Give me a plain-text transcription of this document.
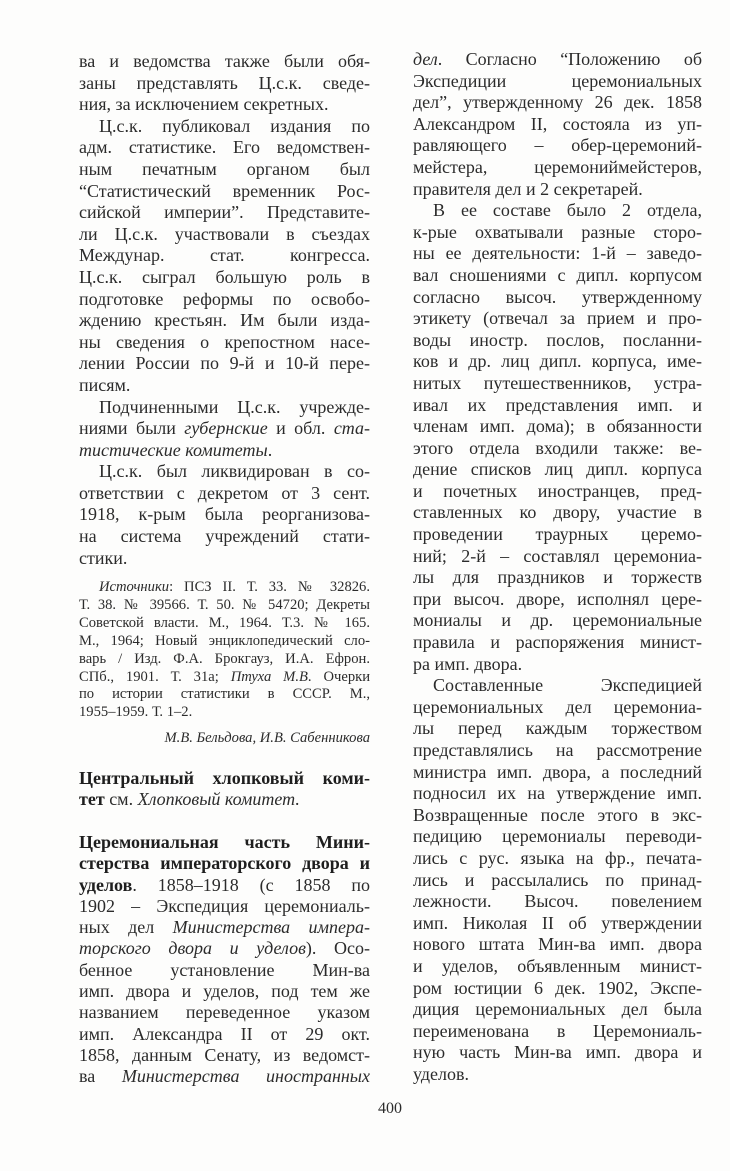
ва и ведомства также были обя-
заны представлять Ц.с.к. сведе-
ния, за исключением секретных.
Ц.с.к. публиковал издания по
адм. статистике. Его ведомствен-
ным печатным органом был
“Статистический временник Рос-
сийской империи”. Представите-
ли Ц.с.к. участвовали в съездах
Междунар. стат. конгресса.
Ц.с.к. сыграл большую роль в
подготовке реформы по освобо-
ждению крестьян. Им были изда-
ны сведения о крепостном насе-
лении России по 9-й и 10-й пере-
писям.
Подчиненными Ц.с.к. учрежде-
ниями были губернские и обл. ста-
тистические комитеты.
Ц.с.к. был ликвидирован в со-
ответствии с декретом от 3 сент.
1918, к-рым была реорганизова-
на система учреждений стати-
стики.
Источники: ПСЗ II. Т. 33. № 32826.
Т. 38. № 39566. Т. 50. № 54720; Декреты
Советской власти. М., 1964. Т.3. № 165.
М., 1964; Новый энциклопедический сло-
варь / Изд. Ф.А. Брокгауз, И.А. Ефрон.
СПб., 1901. Т. 31а; Птуха М.В. Очерки
по истории статистики в СССР. М.,
1955–1959. Т. 1–2.
М.В. Бельдова, И.В. Сабенникова
Центральный хлопковый коми-
тет см. Хлопковый комитет.
Церемониальная часть Мини-
стерства императорского двора и
уделов. 1858–1918 (с 1858 по
1902 – Экспедиция церемониаль-
ных дел Министерства импера-
торского двора и уделов). Осо-
бенное установление Мин-ва
имп. двора и уделов, под тем же
названием переведенное указом
имп. Александра II от 29 окт.
1858, данным Сенату, из ведомст-
ва Министерства иностранных
дел. Согласно “Положению об
Экспедиции церемониальных
дел”, утвержденному 26 дек. 1858
Александром II, состояла из уп-
равляющего – обер-церемоний-
мейстера, церемониймейстеров,
правителя дел и 2 секретарей.
В ее составе было 2 отдела,
к-рые охватывали разные сторо-
ны ее деятельности: 1-й – заведо-
вал сношениями с дипл. корпусом
согласно высоч. утвержденному
этикету (отвечал за прием и про-
воды иностр. послов, посланни-
ков и др. лиц дипл. корпуса, име-
нитых путешественников, устра-
ивал их представления имп. и
членам имп. дома); в обязанности
этого отдела входили также: ве-
дение списков лиц дипл. корпуса
и почетных иностранцев, пред-
ставленных ко двору, участие в
проведении траурных церемо-
ний; 2-й – составлял церемониа-
лы для праздников и торжеств
при высоч. дворе, исполнял цере-
мониалы и др. церемониальные
правила и распоряжения минист-
ра имп. двора.
Составленные Экспедицией
церемониальных дел церемониа-
лы перед каждым торжеством
представлялись на рассмотрение
министра имп. двора, а последний
подносил их на утверждение имп.
Возвращенные после этого в экс-
педицию церемониалы переводи-
лись с рус. языка на фр., печата-
лись и рассылались по принад-
лежности. Высоч. повелением
имп. Николая II об утверждении
нового штата Мин-ва имп. двора
и уделов, объявленным минист-
ром юстиции 6 дек. 1902, Экспе-
диция церемониальных дел была
переименована в Церемониаль-
ную часть Мин-ва имп. двора и
уделов.
400
